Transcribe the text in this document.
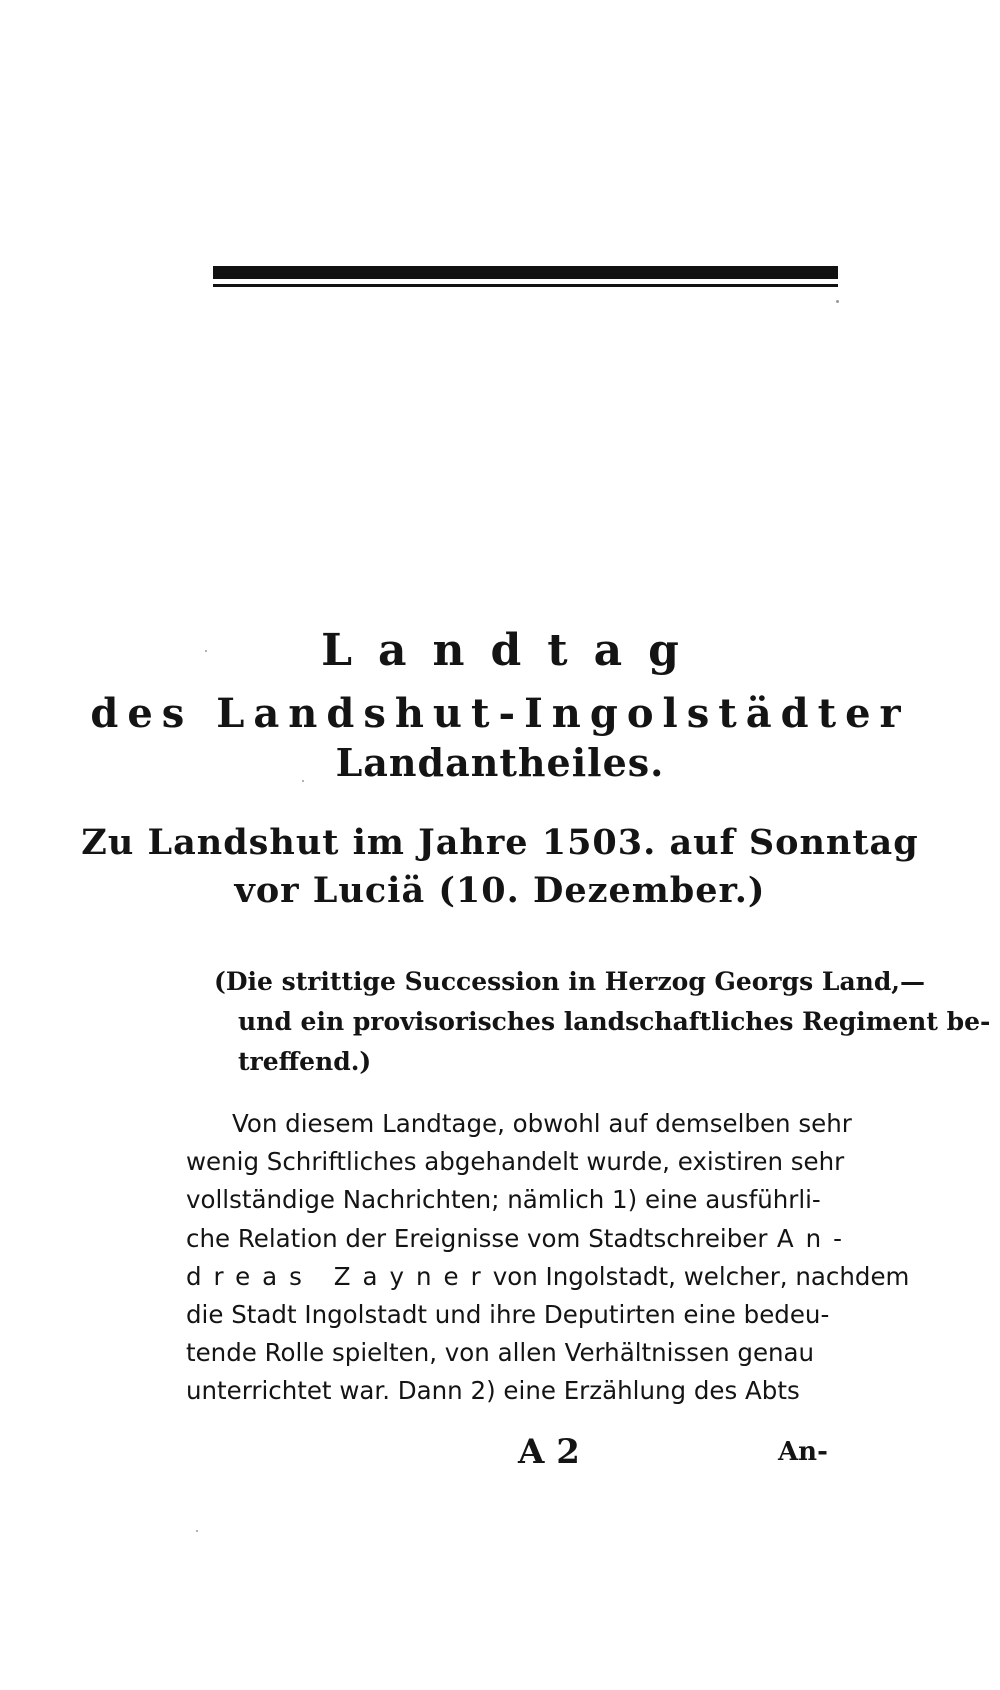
Landtag
des Landshut-Ingolstädter
Landantheiles.
Zu Landshut im Jahre 1503. auf Sonntag
vor Luciä (10. Dezember.)
(Die strittige Succession in Herzog Georgs Land,—
und ein provisorisches landschaftliches Regiment be-
treffend.)
Von diesem Landtage, obwohl auf demselben sehr
wenig Schriftliches abgehandelt wurde, existiren sehr
vollständige Nachrichten; nämlich 1) eine ausführli-
che Relation der Ereignisse vom Stadtschreiber An-
dreas Zayner von Ingolstadt, welcher, nachdem
die Stadt Ingolstadt und ihre Deputirten eine bedeu-
tende Rolle spielten, von allen Verhältnissen genau
unterrichtet war. Dann 2) eine Erzählung des Abts
A 2	An-
